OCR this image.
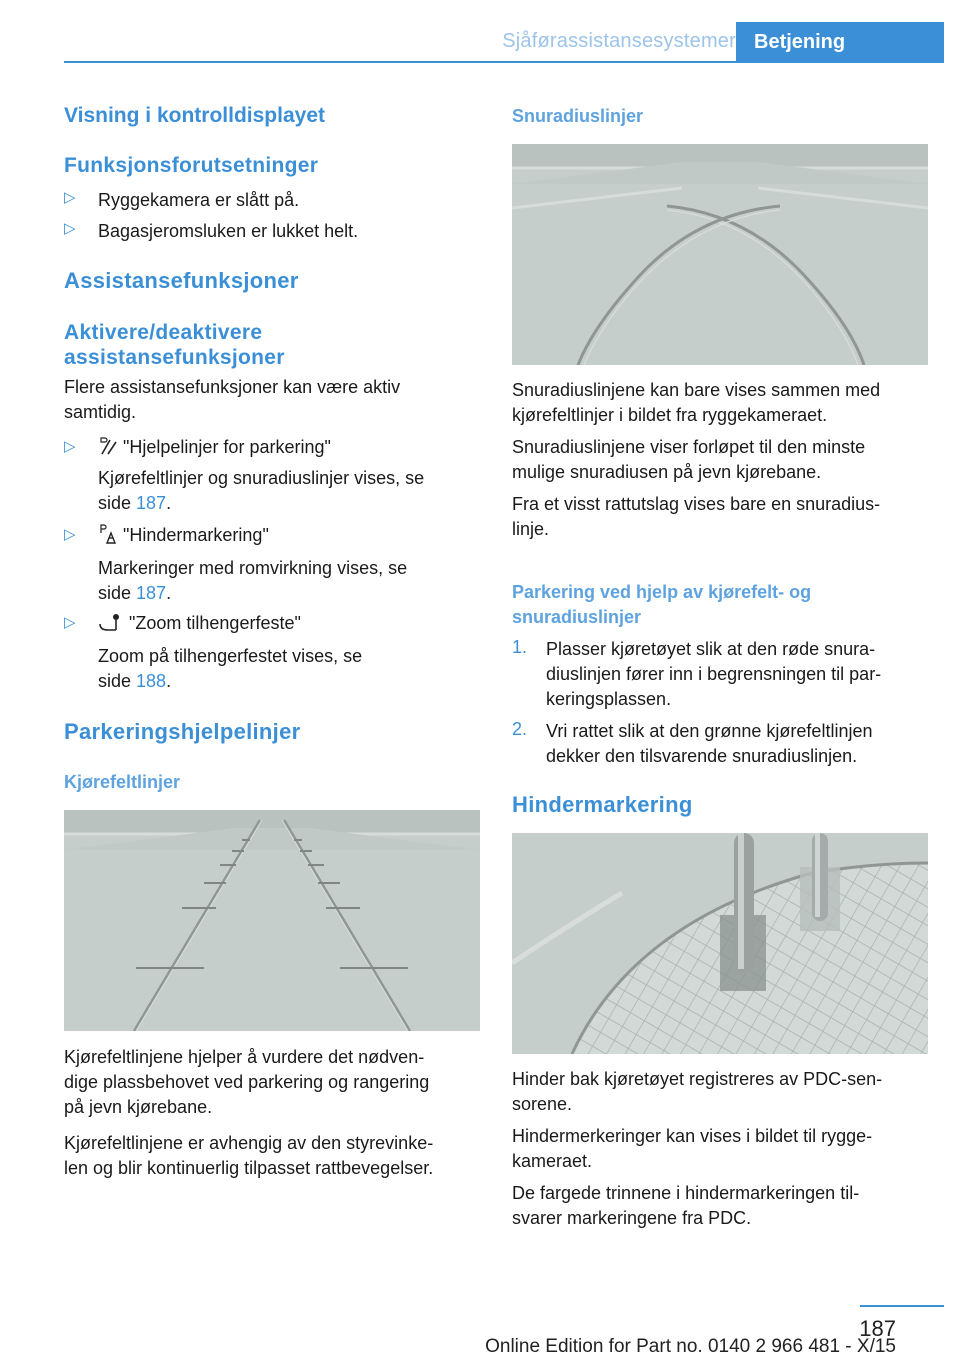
Sjåførassistansesystemer Betjening
Visning i kontrolldisplayet
Funksjonsforutsetninger
▷ Ryggekamera er slått på.
▷ Bagasjeromsluken er lukket helt.
Assistansefunksjoner
Aktivere/deaktivere
assistansefunksjoner
Flere assistansefunksjoner kan være aktiv
samtidig.
▷	"Hjelpelinjer for parkering"
Kjørefeltlinjer og snuradiuslinjer vises, se
side 187.
▷	"Hindermarkering"
Markeringer med romvirkning vises, se
side 187.
▷	"Zoom tilhengerfeste"
Zoom på tilhengerfestet vises, se
side 188.
Parkeringshjelpelinjer
Kjørefeltlinjer
Kjørefeltlinjene hjelper å vurdere det nødven-
dige plassbehovet ved parkering og rangering
på jevn kjørebane.
Kjørefeltlinjene er avhengig av den styrevinke-
len og blir kontinuerlig tilpasset rattbevegelser.
Snuradiuslinjer
Snuradiuslinjene kan bare vises sammen med
kjørefeltlinjer i bildet fra ryggekameraet.
Snuradiuslinjene viser forløpet til den minste
mulige snuradiusen på jevn kjørebane.
Fra et visst rattutslag vises bare en snuradius-
linje.
Parkering ved hjelp av kjørefelt- og
snuradiuslinjer
1. Plasser kjøretøyet slik at den røde snura-
diuslinjen fører inn i begrensningen til par-
keringsplassen.
2. Vri rattet slik at den grønne kjørefeltlinjen
dekker den tilsvarende snuradiuslinjen.
Hindermarkering
Hinder bak kjøretøyet registreres av PDC-sen-
sorene.
Hindermerkeringer kan vises i bildet til rygge-
kameraet.
De fargede trinnene i hindermarkeringen til-
svarer markeringene fra PDC.
187
Online Edition for Part no. 0140 2 966 481 - X/15
